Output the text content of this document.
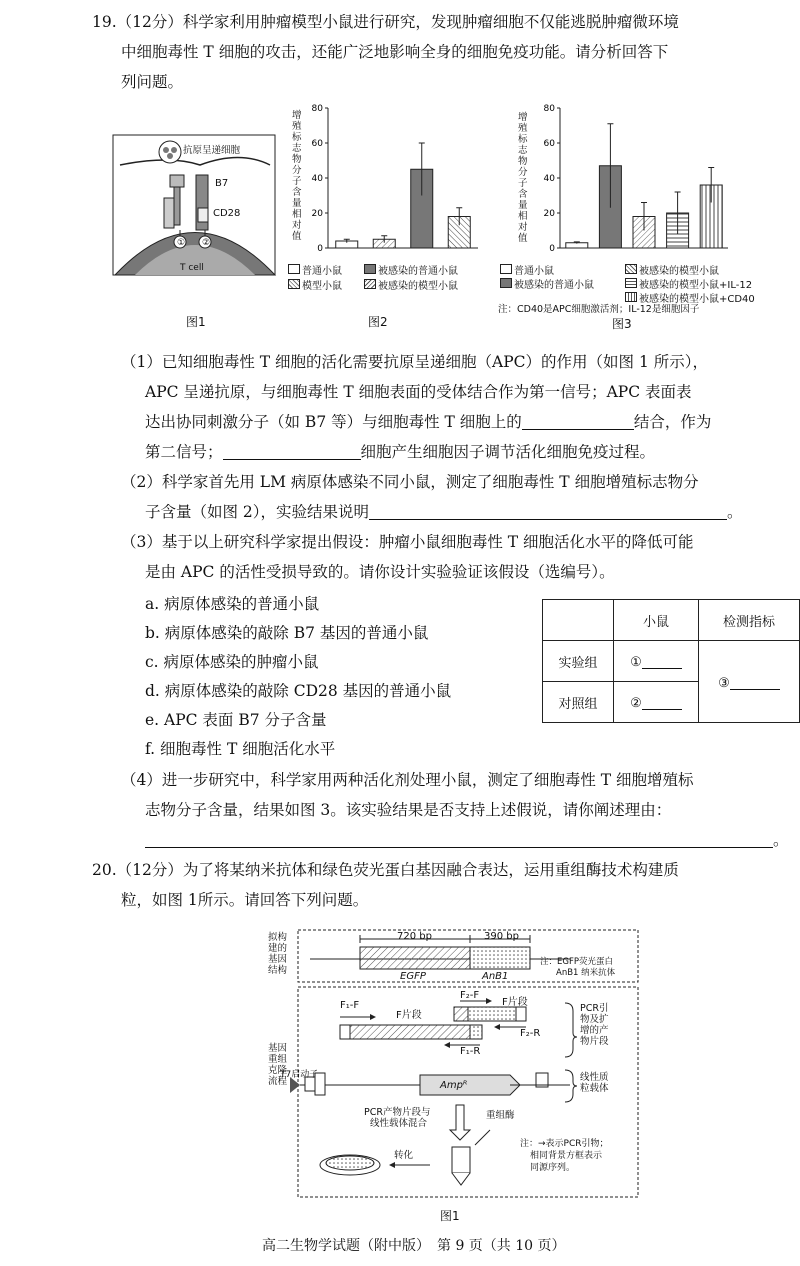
19.（12分）科学家利用肿瘤模型小鼠进行研究，发现肿瘤细胞不仅能逃脱肿瘤微环境
中细胞毒性 T 细胞的攻击，还能广泛地影响全身的细胞免疫功能。请分析回答下
列问题。
抗原呈递细胞
B7
CD28
① ②
T cell
图1
0
20
40
60
80
增殖标志物分子含量相对值
普通小鼠	被感染的普通小鼠
模型小鼠	被感染的模型小鼠
图2
0
20
40
60
80
增殖标志物分子含量相对值
普通小鼠	被感染的模型小鼠
被感染的普通小鼠	被感染的模型小鼠+IL-12
被感染的模型小鼠+CD40
注：CD40是APC细胞激活剂；IL-12是细胞因子
图3
（1）已知细胞毒性 T 细胞的活化需要抗原呈递细胞（APC）的作用（如图 1 所示），
APC 呈递抗原，与细胞毒性 T 细胞表面的受体结合作为第一信号；APC 表面表
达出协同刺激分子（如 B7 等）与细胞毒性 T 细胞上的	结合，作为
第二信号；	细胞产生细胞因子调节活化细胞免疫过程。
（2）科学家首先用 LM 病原体感染不同小鼠，测定了细胞毒性 T 细胞增殖标志物分
子含量（如图 2），实验结果说明	。
（3）基于以上研究科学家提出假设：肿瘤小鼠细胞毒性 T 细胞活化水平的降低可能
是由 APC 的活性受损导致的。请你设计实验验证该假设（选编号）。
a. 病原体感染的普通小鼠
b. 病原体感染的敲除 B7 基因的普通小鼠
c. 病原体感染的肿瘤小鼠
d. 病原体感染的敲除 CD28 基因的普通小鼠
e. APC 表面 B7 分子含量
f. 细胞毒性 T 细胞活化水平
	小鼠	检测指标
实验组	①	③
对照组	②	
（4）进一步研究中，科学家用两种活化剂处理小鼠，测定了细胞毒性 T 细胞增殖标
志物分子含量，结果如图 3。该实验结果是否支持上述假说，请你阐述理由：
。
20.（12分）为了将某纳米抗体和绿色荧光蛋白基因融合表达，运用重组酶技术构建质
粒，如图 1所示。请回答下列问题。
拟构
建的
基因
结构
基因
重组
克隆
流程
720 bp	390 bp
EGFP	AnB1
注：EGFP荧光蛋白
AnB1 纳米抗体
F₁-F
F片段
F₂-F
F片段
F₁-R
F₂-R
PCR引
物及扩
增的产
物片段
线性质
粒载体
T7启动子
Ampᴿ
PCR产物片段与
线性载体混合
重组酶
转化
注：→表示PCR引物；
相同背景方框表示
同源序列。
图1
高二生物学试题（附中版）　第 9 页（共 10 页）
